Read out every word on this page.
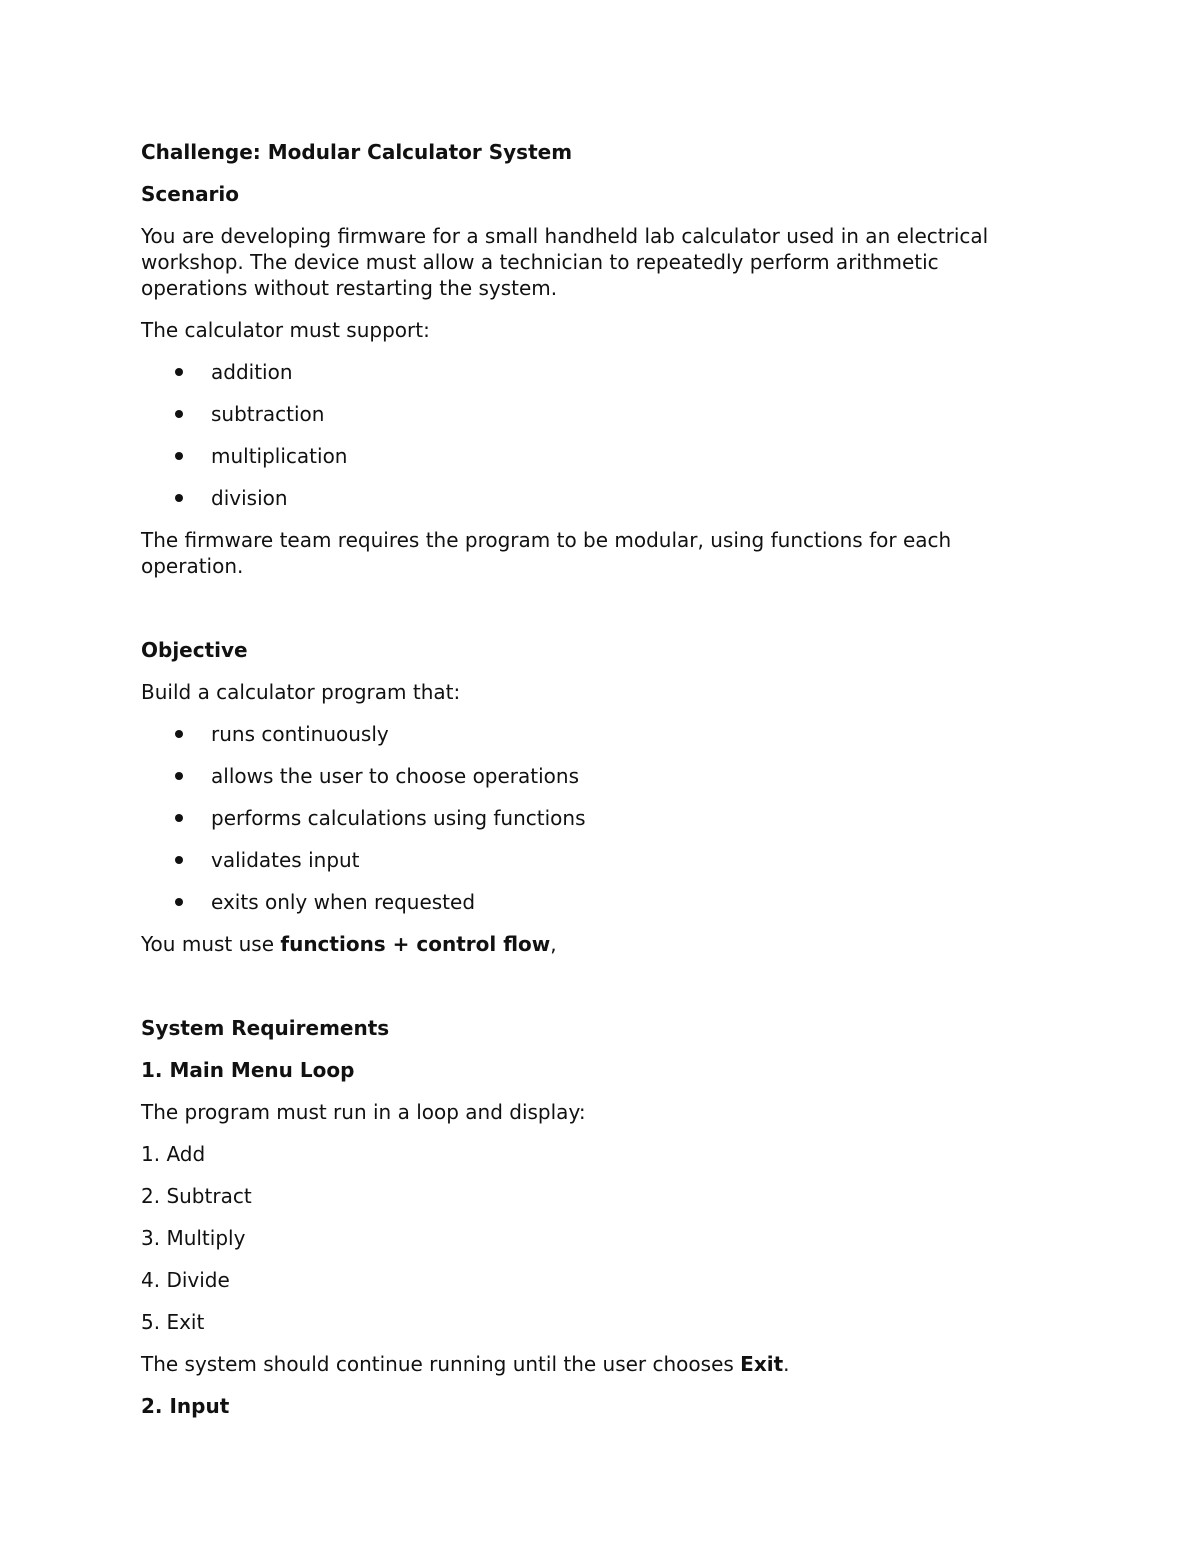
Challenge: Modular Calculator System
Scenario
You are developing firmware for a small handheld lab calculator used in an electrical workshop. The device must allow a technician to repeatedly perform arithmetic operations without restarting the system.
The calculator must support:
addition
subtraction
multiplication
division
The firmware team requires the program to be modular, using functions for each operation.
Objective
Build a calculator program that:
runs continuously
allows the user to choose operations
performs calculations using functions
validates input
exits only when requested
You must use functions + control flow,
System Requirements
1. Main Menu Loop
The program must run in a loop and display:
1. Add
2. Subtract
3. Multiply
4. Divide
5. Exit
The system should continue running until the user chooses Exit.
2. Input
